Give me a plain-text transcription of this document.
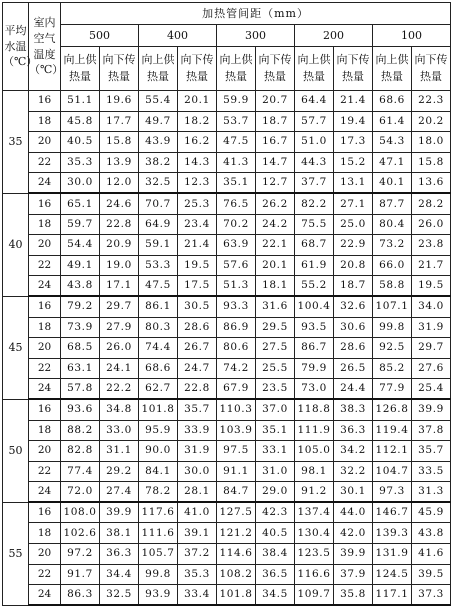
平均水温（℃）	室内空气温度（℃）	加热管间距（mm）									
		500		400		300		200		100	
		向上供热量	向下传热量	向上供热量	向下传热量	向上供热量	向下传热量	向上供热量	向下传热量	向上供热量	向下传热量
35	16	51.1	19.6	55.4	20.1	59.9	20.7	64.4	21.4	68.6	22.3
	18	45.8	17.7	49.7	18.2	53.7	18.7	57.7	19.4	61.4	20.2
	20	40.5	15.8	43.9	16.2	47.5	16.7	51.0	17.3	54.3	18.0
	22	35.3	13.9	38.2	14.3	41.3	14.7	44.3	15.2	47.1	15.8
	24	30.0	12.0	32.5	12.3	35.1	12.7	37.7	13.1	40.1	13.6
40	16	65.1	24.6	70.7	25.3	76.5	26.2	82.2	27.1	87.7	28.2
	18	59.7	22.8	64.9	23.4	70.2	24.2	75.5	25.0	80.4	26.0
	20	54.4	20.9	59.1	21.4	63.9	22.1	68.7	22.9	73.2	23.8
	22	49.1	19.0	53.3	19.5	57.6	20.1	61.9	20.8	66.0	21.7
	24	43.8	17.1	47.5	17.5	51.3	18.1	55.2	18.7	58.8	19.5
45	16	79.2	29.7	86.1	30.5	93.3	31.6	100.4	32.6	107.1	34.0
	18	73.9	27.9	80.3	28.6	86.9	29.5	93.5	30.6	99.8	31.9
	20	68.5	26.0	74.4	26.7	80.6	27.5	86.7	28.6	92.5	29.7
	22	63.1	24.1	68.6	24.7	74.2	25.5	79.9	26.5	85.2	27.6
	24	57.8	22.2	62.7	22.8	67.9	23.5	73.0	24.4	77.9	25.4
50	16	93.6	34.8	101.8	35.7	110.3	37.0	118.8	38.3	126.8	39.9
	18	88.2	33.0	95.9	33.9	103.9	35.1	111.9	36.3	119.4	37.8
	20	82.8	31.1	90.0	31.9	97.5	33.1	105.0	34.2	112.1	35.7
	22	77.4	29.2	84.1	30.0	91.1	31.0	98.1	32.2	104.7	33.5
	24	72.0	27.4	78.2	28.1	84.7	29.0	91.2	30.1	97.3	31.3
55	16	108.0	39.9	117.6	41.0	127.5	42.3	137.4	44.0	146.7	45.9
	18	102.6	38.1	111.6	39.1	121.2	40.5	130.4	42.0	139.3	43.8
	20	97.2	36.3	105.7	37.2	114.6	38.4	123.5	39.9	131.9	41.6
	22	91.7	34.4	99.8	35.3	108.2	36.5	116.6	37.9	124.5	39.5
	24	86.3	32.5	93.9	33.4	101.8	34.5	109.7	35.8	117.1	37.3
